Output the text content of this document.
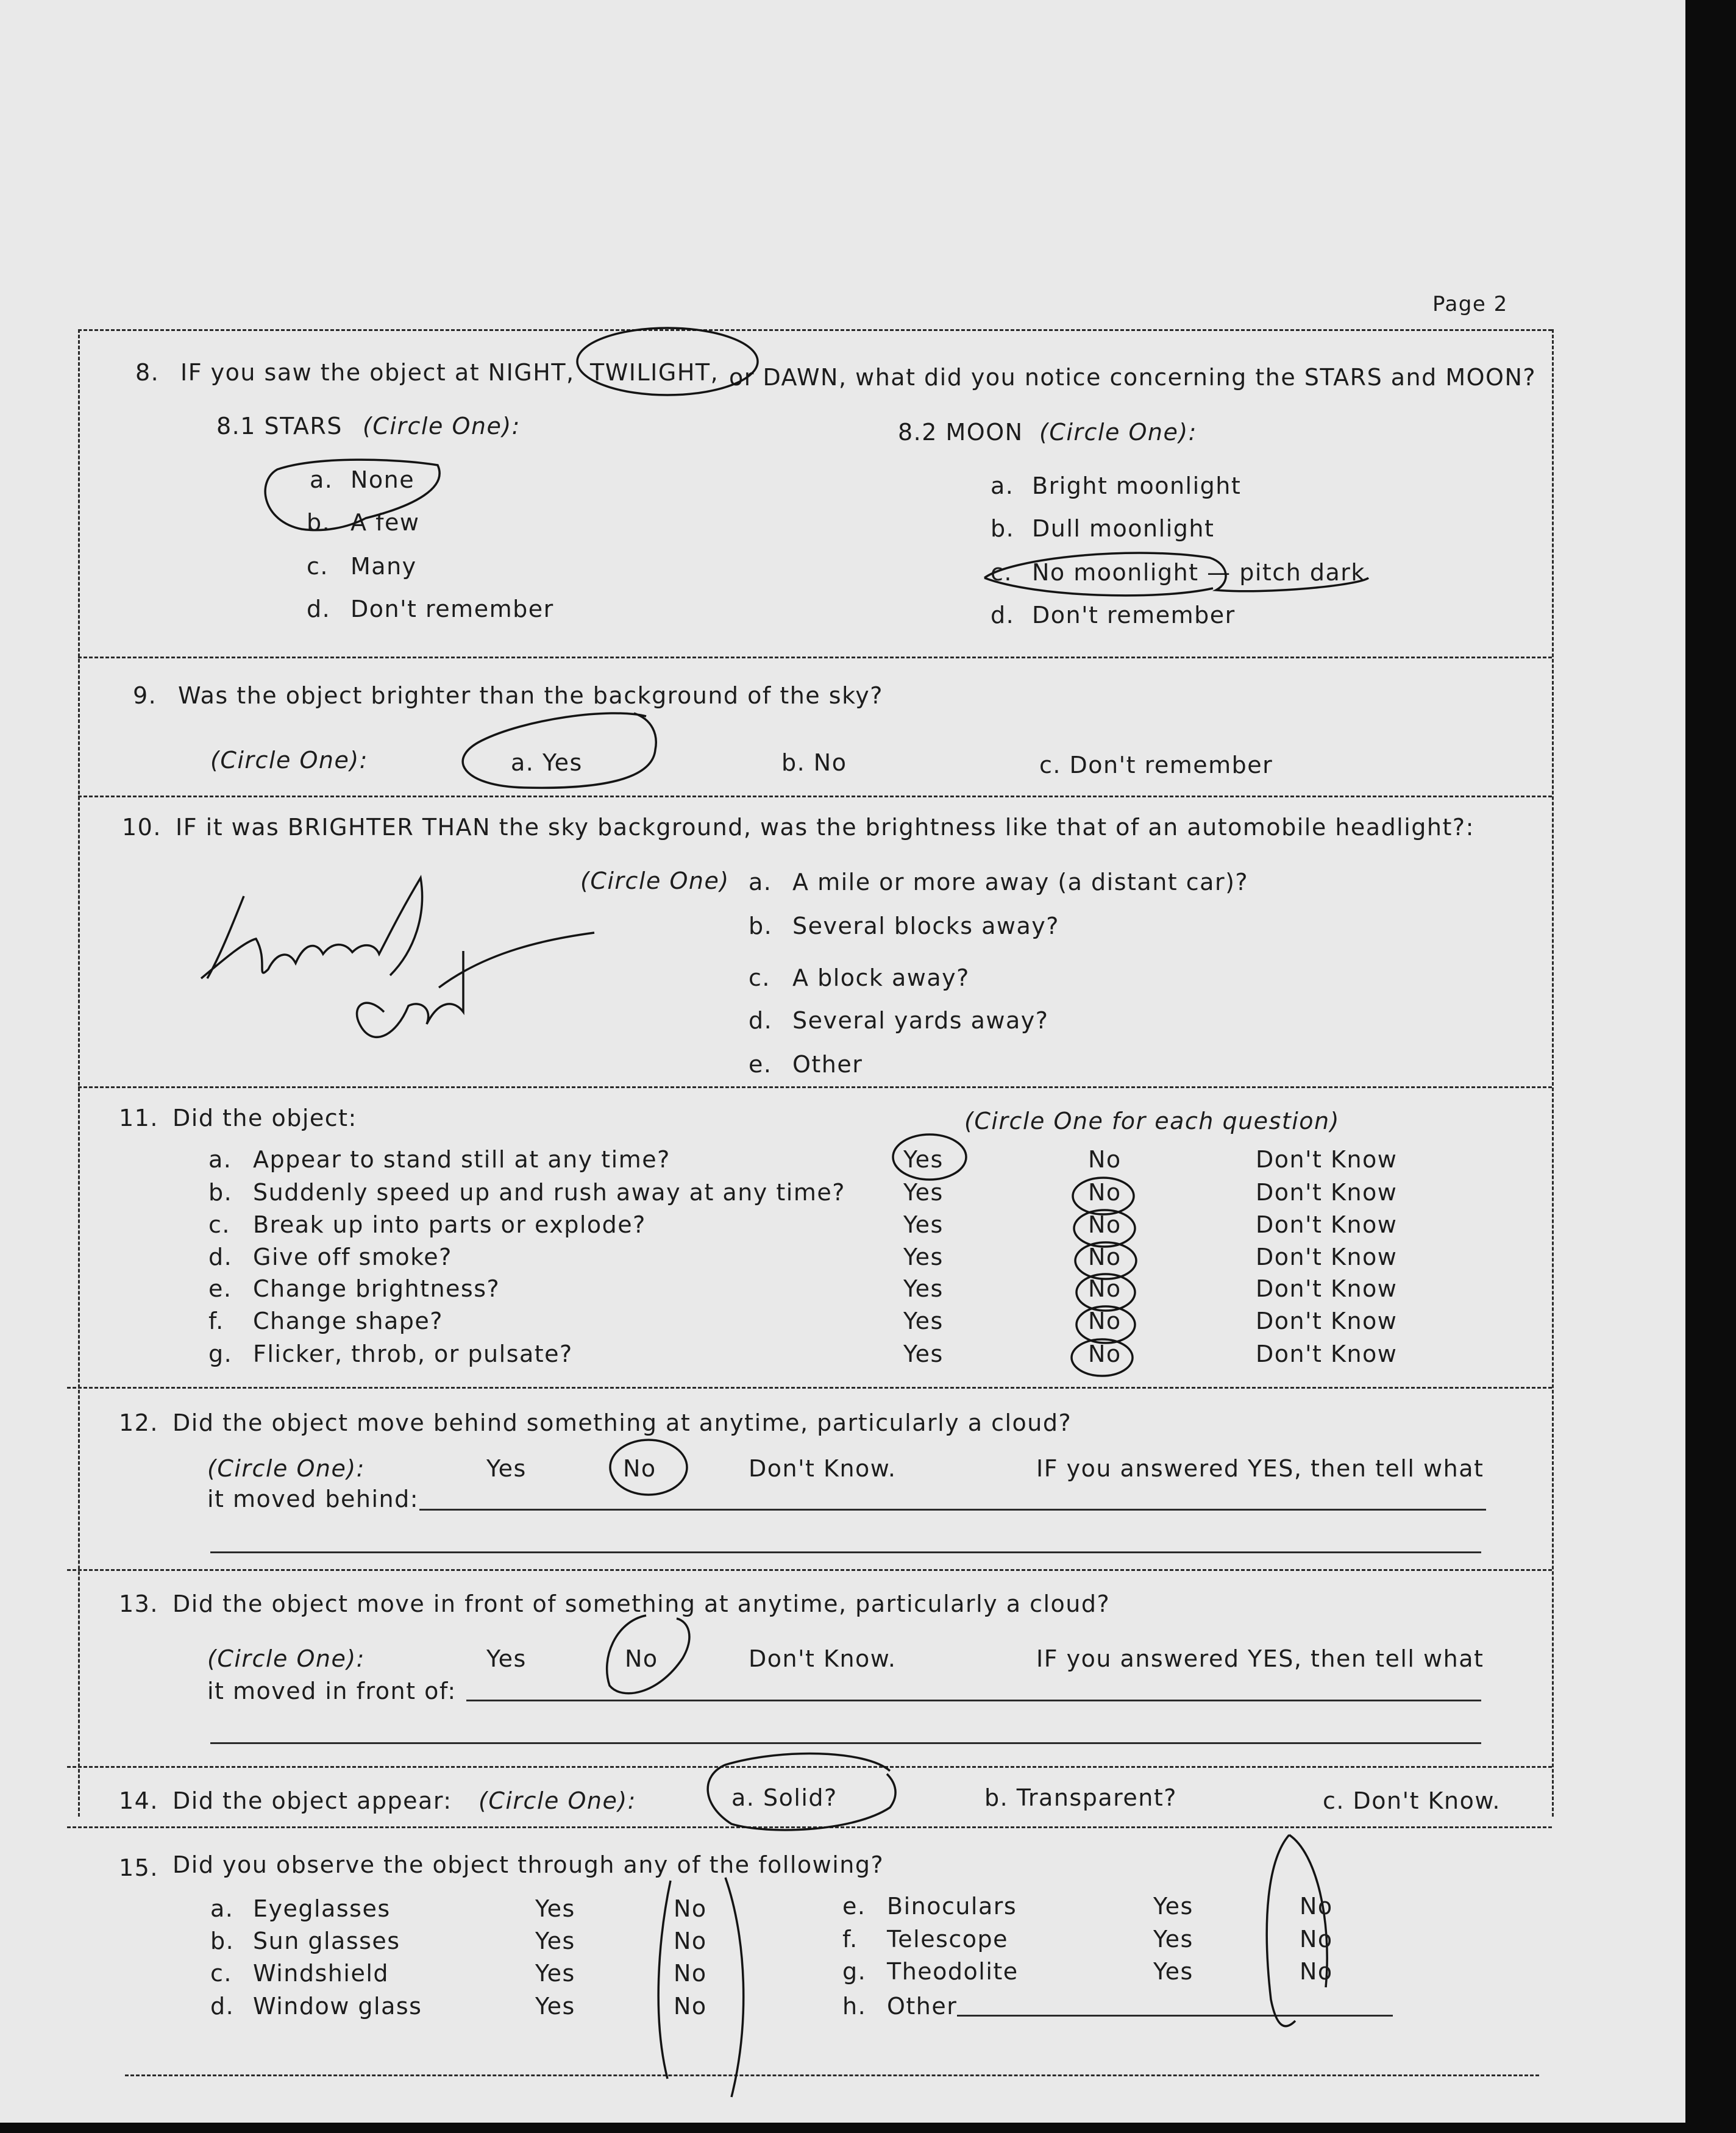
Page 2
8. IF you saw the object at NIGHT, TWILIGHT, or DAWN, what did you notice concerning the STARS and MOON?
8.1 STARS (Circle One):
a. None
b. A few
c. Many
d. Don't remember
8.2 MOON (Circle One):
a. Bright moonlight
b. Dull moonlight
c. No moonlight — pitch dark
d. Don't remember
9. Was the object brighter than the background of the sky?
(Circle One):	a. Yes	b. No	c. Don't remember
10. IF it was BRIGHTER THAN the sky background, was the brightness like that of an automobile headlight?:
(Circle One) a. A mile or more away (a distant car)?
b. Several blocks away?
c. A block away?
d. Several yards away?
e. Other
11. Did the object:	(Circle One for each question)
12. Did the object move behind something at anytime, particularly a cloud?
(Circle One):	Yes	No	Don't Know.	IF you answered YES, then tell what
it moved behind:
13. Did the object move in front of something at anytime, particularly a cloud?
(Circle One):	Yes	No	Don't Know.	IF you answered YES, then tell what
it moved in front of:
14. Did the object appear: (Circle One):	a. Solid?	b. Transparent?	c. Don't Know.
15. Did you observe the object through any of the following?
a. Appear to stand still at any time?	Yes	No	Don't Know
b. Suddenly speed up and rush away at any time?	Yes	No	Don't Know
c. Break up into parts or explode?	Yes	No	Don't Know
d. Give off smoke?	Yes	No	Don't Know
e. Change brightness?	Yes	No	Don't Know
f. Change shape?	Yes	No	Don't Know
g. Flicker, throb, or pulsate?	Yes	No	Don't Know
a. Eyeglasses	Yes	No
b. Sun glasses	Yes	No
c. Windshield	Yes	No
d. Window glass	Yes	No
e. Binoculars	Yes	No
f. Telescope	Yes	No
g. Theodolite	Yes	No
h. Other
